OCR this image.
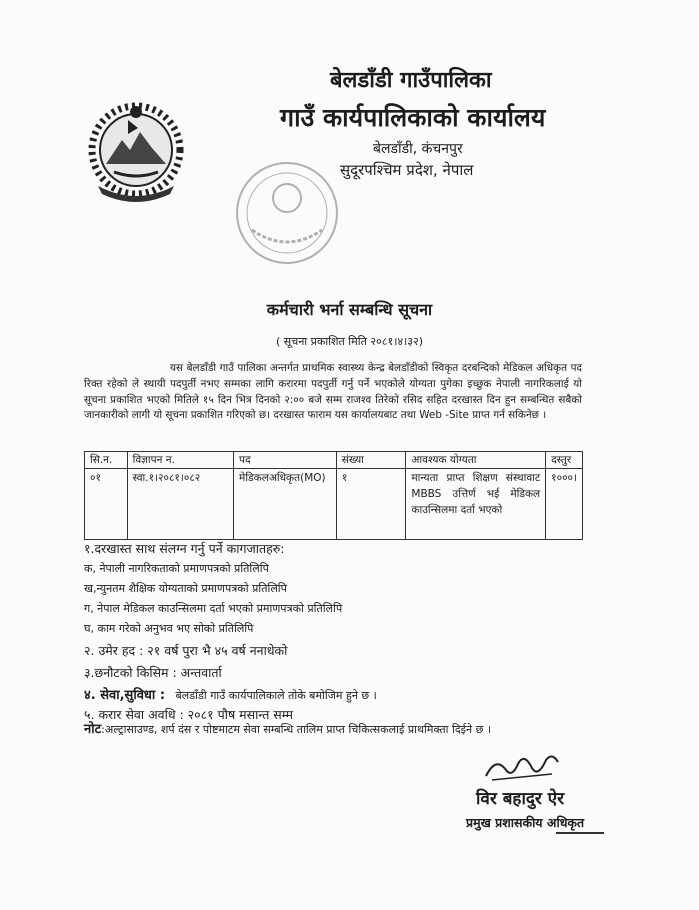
बेलडाँडी गाउँपालिका
गाउँ कार्यपालिकाको कार्यालय
बेलडाँडी, कंचनपुर
सुदूरपश्चिम प्रदेश, नेपाल
कर्मचारी भर्ना सम्बन्धि सूचना
( सूचना प्रकाशित मिति २०८१।४।३२)
यस बेलडाँडी गाउँ पालिका अन्तर्गत प्राथमिक स्वास्थ्य केन्द्र बेलडाँडीको स्विकृत दरबन्दिको मेडिकल अधिकृत पद रिक्त रहेको ले स्थायी पदपुर्ती नभए सम्मका लागि करारमा पदपुर्ती गर्नु पर्ने भएकोले योग्यता पुगेका इच्छुक नेपाली नागरिकलाई यो सूचना प्रकाशित भएको मितिले १५ दिन भित्र दिनको २:०० बजे सम्म राजश्व तिरेको रसिद सहित दरखास्त दिन हुन सम्बन्धित सबैको जानकारीको लागी यो सूचना प्रकाशित गरिएको छ। दरखास्त फाराम यस कार्यालयबाट तथा Web -Site प्राप्त गर्न सकिनेछ ।
सि.न.	विज्ञापन न.	पद	संख्या	आवश्यक योग्यता	दस्तुर
०१	स्वा.१।२०८१।०८२	मेडिकलअधिकृत(MO)	१	मान्यता प्राप्त शिक्षण संस्थावाट MBBS उत्तिर्ण भई मेडिकल काउन्सिलमा दर्ता भएको	१०००।
१.दरखास्त साथ संलग्न गर्नु पर्ने कागजातहरु:
क, नेपाली नागरिकताको प्रमाणपत्रको प्रतिलिपि
ख,न्युनतम शैक्षिक योग्यताको प्रमाणपत्रको प्रतिलिपि
ग, नेपाल मेडिकल काउन्सिलमा दर्ता भएको प्रमाणपत्रको प्रतिलिपि
घ, काम गरेको अनुभव भए सोको प्रतिलिपि
२. उमेर हद : २१ वर्ष पुरा भै ४५ वर्ष ननाधेको
३.छनौटको किसिम : अन्तवार्ता
४. सेवा,सुविधा : बेलडाँडी गाउँ कार्यपालिकाले तोके बमोजिम हुने छ ।
५. करार सेवा अवधि : २०८१ पौष मसान्त सम्म
नोट:अल्ट्रासाउण्ड, शर्प दंस र पोष्टमाटम सेवा सम्बन्धि तालिम प्राप्त चिकित्सकलाई प्राथमिक्ता दिईने छ ।
विर बहादुर ऐर
प्रमुख प्रशासकीय अधिकृत
